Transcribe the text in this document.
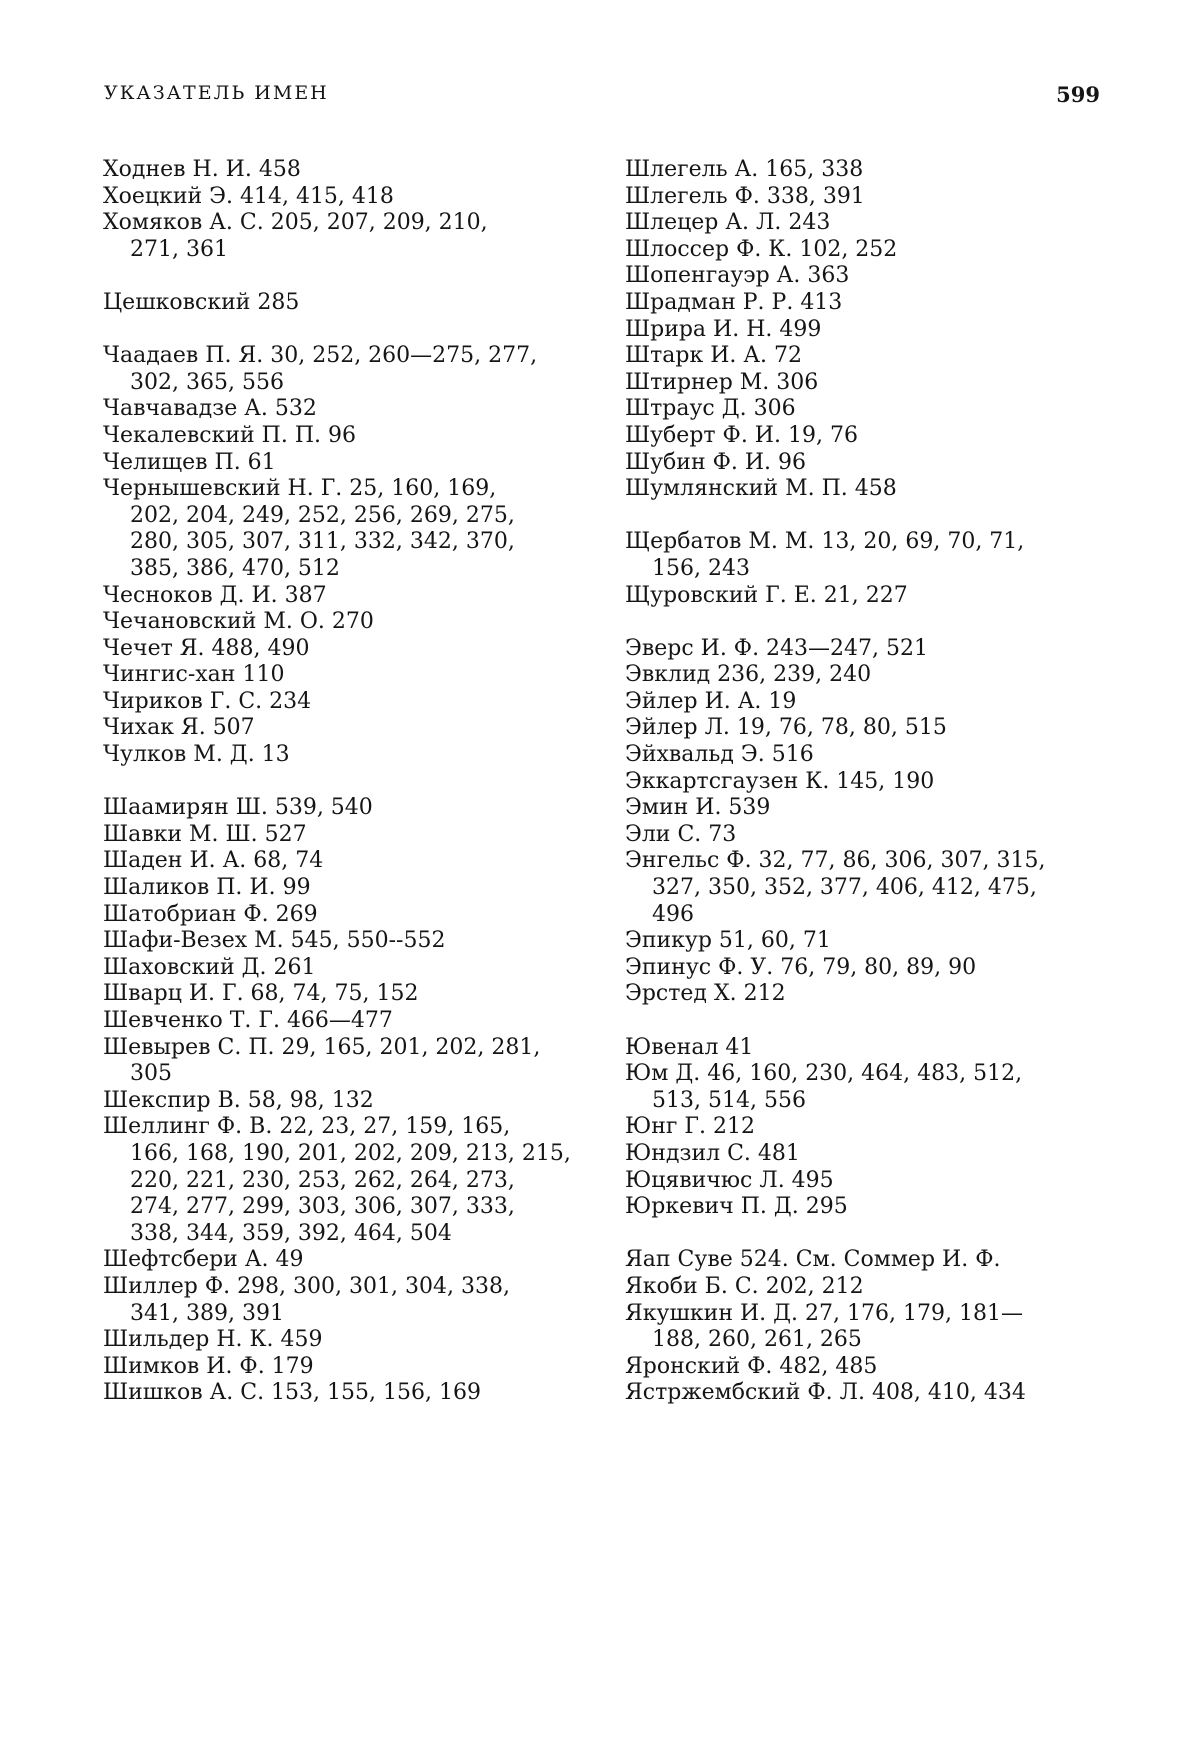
УКАЗАТЕЛЬ ИМЕН	599
Ходнев Н. И. 458
Хоецкий Э. 414, 415, 418
Хомяков А. С. 205, 207, 209, 210,
271, 361
Цешковский 285
Чаадаев П. Я. 30, 252, 260—275, 277,
302, 365, 556
Чавчавадзе А. 532
Чекалевский П. П. 96
Челищев П. 61
Чернышевский Н. Г. 25, 160, 169,
202, 204, 249, 252, 256, 269, 275,
280, 305, 307, 311, 332, 342, 370,
385, 386, 470, 512
Чесноков Д. И. 387
Чечановский М. О. 270
Чечет Я. 488, 490
Чингис-хан 110
Чириков Г. С. 234
Чихак Я. 507
Чулков М. Д. 13
Шаамирян Ш. 539, 540
Шавки М. Ш. 527
Шаден И. А. 68, 74
Шаликов П. И. 99
Шатобриан Ф. 269
Шафи-Везех М. 545, 550--552
Шаховский Д. 261
Шварц И. Г. 68, 74, 75, 152
Шевченко Т. Г. 466—477
Шевырев С. П. 29, 165, 201, 202, 281,
305
Шекспир В. 58, 98, 132
Шеллинг Ф. В. 22, 23, 27, 159, 165,
166, 168, 190, 201, 202, 209, 213, 215,
220, 221, 230, 253, 262, 264, 273,
274, 277, 299, 303, 306, 307, 333,
338, 344, 359, 392, 464, 504
Шефтсбери А. 49
Шиллер Ф. 298, 300, 301, 304, 338,
341, 389, 391
Шильдер Н. К. 459
Шимков И. Ф. 179
Шишков А. С. 153, 155, 156, 169
Шлегель А. 165, 338
Шлегель Ф. 338, 391
Шлецер А. Л. 243
Шлоссер Ф. К. 102, 252
Шопенгауэр А. 363
Шрадман Р. Р. 413
Шрира И. Н. 499
Штарк И. А. 72
Штирнер М. 306
Штраус Д. 306
Шуберт Ф. И. 19, 76
Шубин Ф. И. 96
Шумлянский М. П. 458
Щербатов М. М. 13, 20, 69, 70, 71,
156, 243
Щуровский Г. Е. 21, 227
Эверс И. Ф. 243—247, 521
Эвклид 236, 239, 240
Эйлер И. А. 19
Эйлер Л. 19, 76, 78, 80, 515
Эйхвальд Э. 516
Эккартсгаузен К. 145, 190
Эмин И. 539
Эли С. 73
Энгельс Ф. 32, 77, 86, 306, 307, 315,
327, 350, 352, 377, 406, 412, 475,
496
Эпикур 51, 60, 71
Эпинус Ф. У. 76, 79, 80, 89, 90
Эрстед Х. 212
Ювенал 41
Юм Д. 46, 160, 230, 464, 483, 512,
513, 514, 556
Юнг Г. 212
Юндзил С. 481
Юцявичюс Л. 495
Юркевич П. Д. 295
Яап Суве 524. См. Соммер И. Ф.
Якоби Б. С. 202, 212
Якушкин И. Д. 27, 176, 179, 181—
188, 260, 261, 265
Яронский Ф. 482, 485
Ястржембский Ф. Л. 408, 410, 434
